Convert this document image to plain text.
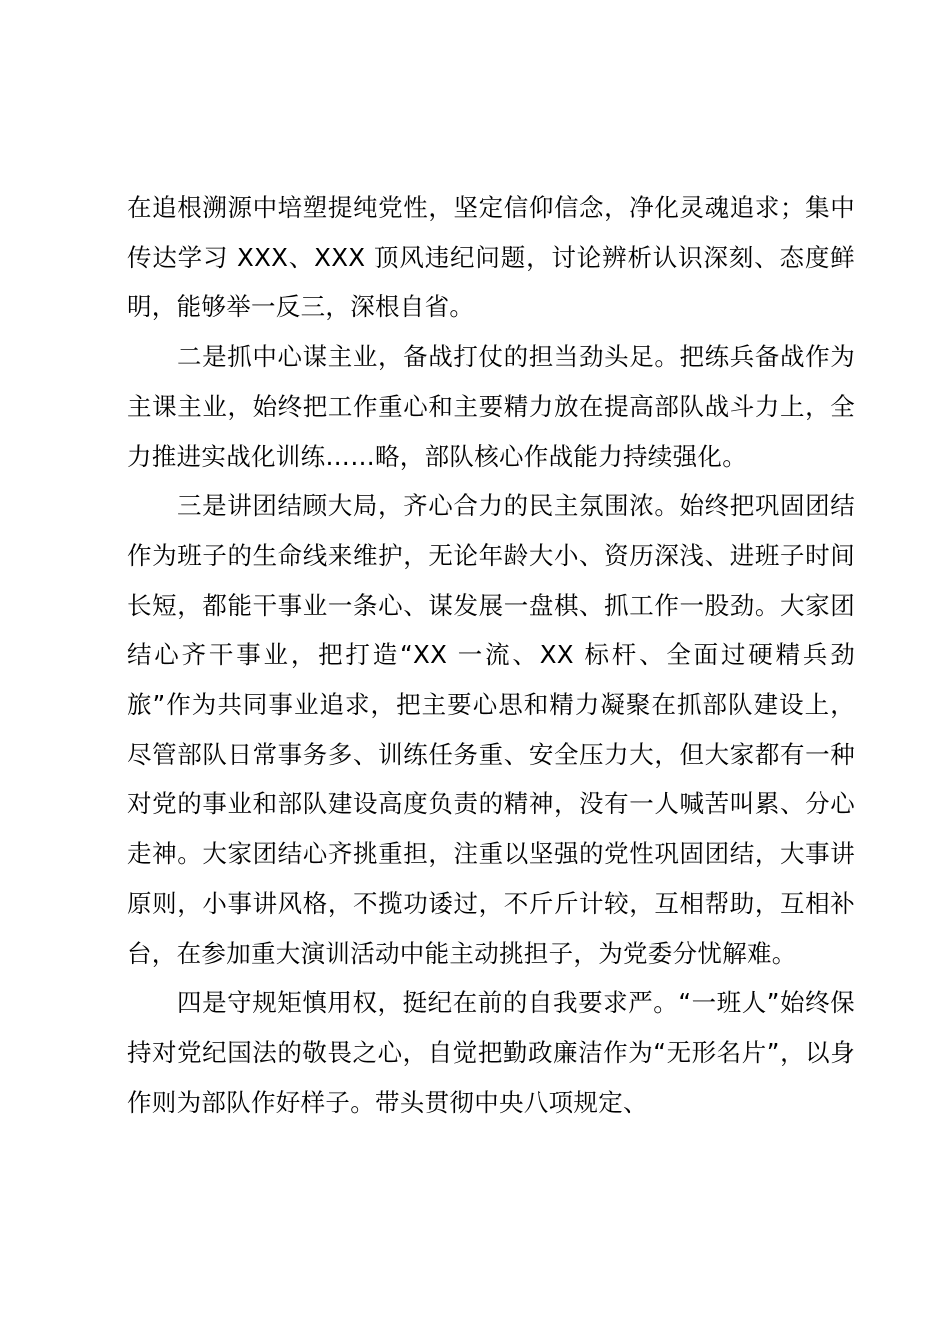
在追根溯源中培塑提纯党性，坚定信仰信念，净化灵魂追求；集中传达学习 XXX、XXX 顶风违纪问题，讨论辨析认识深刻、态度鲜明，能够举一反三，深根自省。

二是抓中心谋主业，备战打仗的担当劲头足。把练兵备战作为主课主业，始终把工作重心和主要精力放在提高部队战斗力上，全力推进实战化训练……略，部队核心作战能力持续强化。

三是讲团结顾大局，齐心合力的民主氛围浓。始终把巩固团结作为班子的生命线来维护，无论年龄大小、资历深浅、进班子时间长短，都能干事业一条心、谋发展一盘棋、抓工作一股劲。大家团结心齐干事业，把打造“XX 一流、XX 标杆、全面过硬精兵劲旅”作为共同事业追求，把主要心思和精力凝聚在抓部队建设上，尽管部队日常事务多、训练任务重、安全压力大，但大家都有一种对党的事业和部队建设高度负责的精神，没有一人喊苦叫累、分心走神。大家团结心齐挑重担，注重以坚强的党性巩固团结，大事讲原则，小事讲风格，不揽功诿过，不斤斤计较，互相帮助，互相补台，在参加重大演训活动中能主动挑担子，为党委分忧解难。

四是守规矩慎用权，挺纪在前的自我要求严。“一班人”始终保持对党纪国法的敬畏之心，自觉把勤政廉洁作为“无形名片”，以身作则为部队作好样子。带头贯彻中央八项规定、
